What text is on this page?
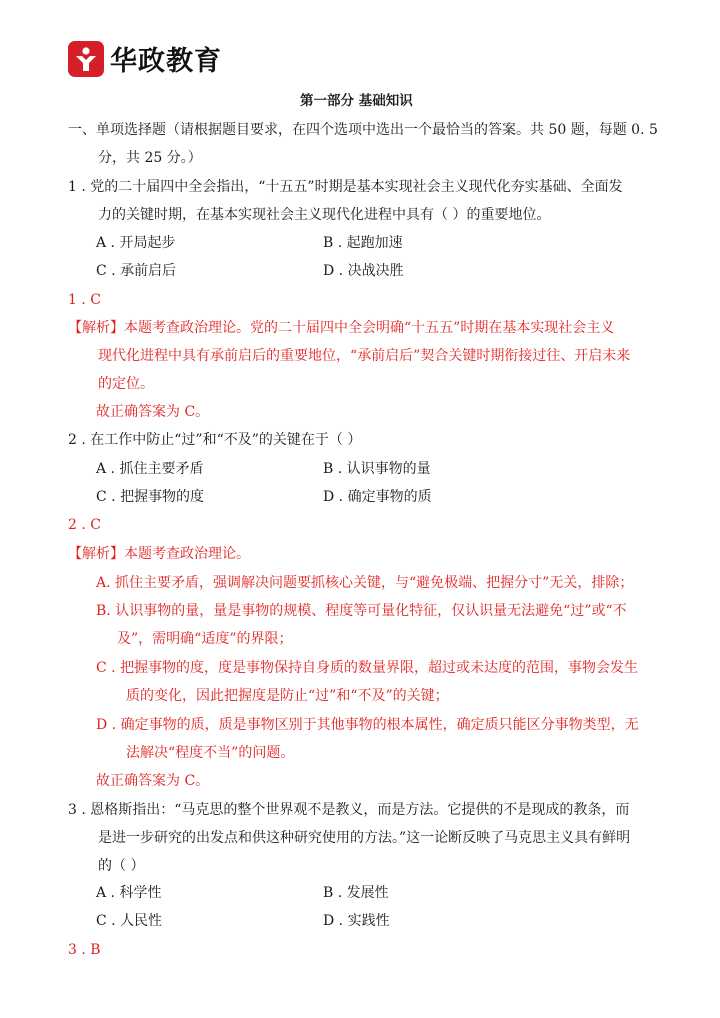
华政教育
第一部分 基础知识
一、单项选择题（请根据题目要求，在四个选项中选出一个最恰当的答案。共 50 题，每题 0. 5
分，共 25 分。）
1 . 党的二十届四中全会指出，“十五五”时期是基本实现社会主义现代化夯实基础、全面发
力的关键时期，在基本实现社会主义现代化进程中具有（ ）的重要地位。
A . 开局起步	B . 起跑加速
C . 承前启后	D . 决战决胜
1 . C
【解析】本题考查政治理论。党的二十届四中全会明确“十五五”时期在基本实现社会主义
现代化进程中具有承前启后的重要地位，“承前启后”契合关键时期衔接过往、开启未来
的定位。
故正确答案为 C。
2 . 在工作中防止“过”和“不及”的关键在于（ ）
A . 抓住主要矛盾	B . 认识事物的量
C . 把握事物的度	D . 确定事物的质
2 . C
【解析】本题考查政治理论。
A. 抓住主要矛盾，强调解决问题要抓核心关键，与“避免极端、把握分寸”无关，排除；
B. 认识事物的量，量是事物的规模、程度等可量化特征，仅认识量无法避免“过”或“不
及”，需明确“适度”的界限；
C . 把握事物的度，度是事物保持自身质的数量界限，超过或未达度的范围，事物会发生
质的变化，因此把握度是防止“过”和“不及”的关键；
D . 确定事物的质，质是事物区别于其他事物的根本属性，确定质只能区分事物类型，无
法解决“程度不当”的问题。
故正确答案为 C。
3 . 恩格斯指出：“马克思的整个世界观不是教义，而是方法。它提供的不是现成的教条，而
是进一步研究的出发点和供这种研究使用的方法。”这一论断反映了马克思主义具有鲜明
的（ ）
A . 科学性	B . 发展性
C . 人民性	D . 实践性
3 . B
